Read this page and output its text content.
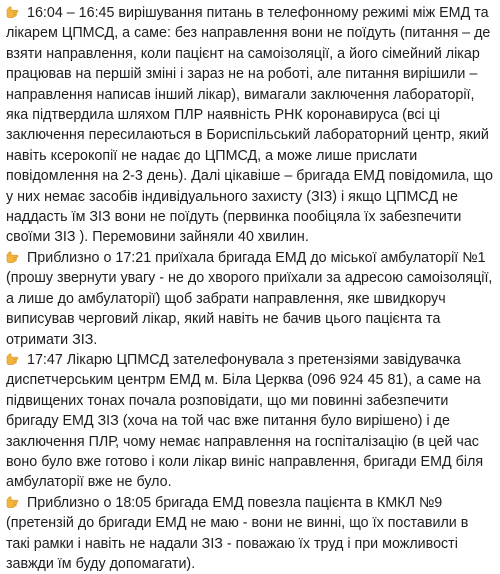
16:04 – 16:45 вирішування питань в телефонному режимі між ЕМД та лікарем ЦПМСД, а саме: без направлення вони не поїдуть (питання – де взяти направлення, коли пацієнт на самоізоляції, а його сімейний лікар працював на першій зміні і зараз не на роботі, але питання вирішили – направлення написав інший лікар), вимагали заключення лабораторії, яка підтвердила шляхом ПЛР наявність РНК коронавируса (всі ці заключення пересилаються в Бориспільський лабораторний центр, який навіть ксерокопії не надає до ЦПМСД, а може лише прислати повідомлення на 2-3 день). Далі цікавіше – бригада ЕМД повідомила, що у них немає засобів індивідуального захисту (ЗІЗ) і якщо ЦПМСД не наддасть їм ЗІЗ вони не поїдуть (первинка пообіцяла їх забезпечити своїми ЗІЗ ). Перемовини зайняли 40 хвилин.

Приблизно о 17:21 приїхала бригада ЕМД до міської амбулаторії №1 (прошу звернути увагу - не до хворого приїхали за адресою самоізоляції, а лише до амбулаторії) щоб забрати направлення, яке швидкоруч виписував черговий лікар, який навіть не бачив цього пацієнта та отримати ЗІЗ.

17:47 Лікарю ЦПМСД зателефонувала з претензіями завідувачка диспетчерським центрм ЕМД м. Біла Церква (096 924 45 81), а саме на підвищених тонах почала розповідати, що ми повинні забезпечити бригаду ЕМД ЗІЗ (хоча на той час вже питання було вирішено) і де заключення ПЛР, чому немає направлення на госпіталізацію (в цей час воно було вже готово і коли лікар виніс направлення, бригади ЕМД біля амбулаторії вже не було.

Приблизно о 18:05 бригада ЕМД повезла пацієнта в КМКЛ №9 (претензій до бригади ЕМД не маю - вони не винні, що їх поставили в такі рамки і навіть не надали ЗІЗ - поважаю їх труд і при можливості завжди їм буду допомагати).
